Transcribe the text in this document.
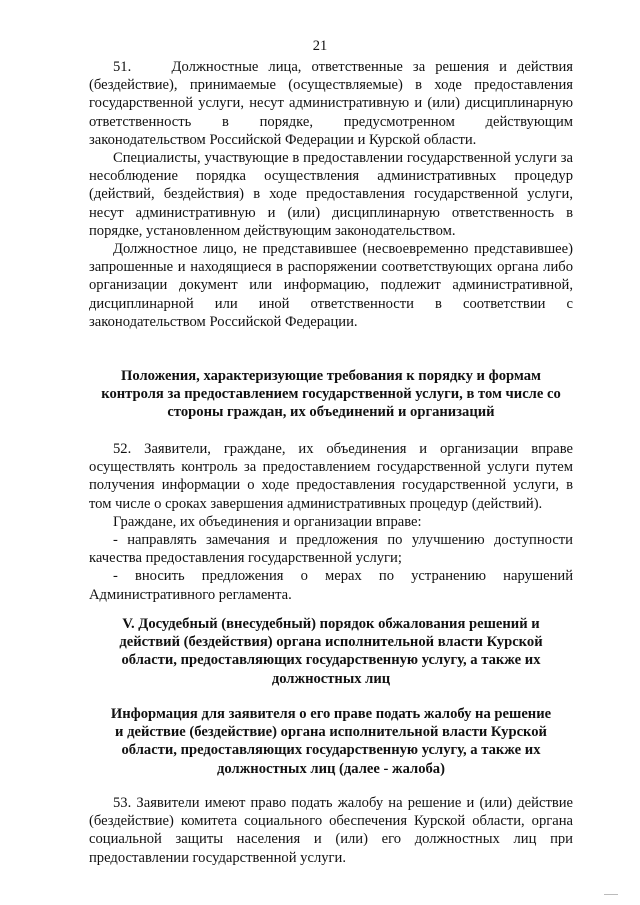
21

51.    Должностные лица, ответственные за решения и действия (бездействие), принимаемые (осуществляемые) в ходе предоставления государственной услуги, несут административную и (или) дисциплинарную ответственность в порядке, предусмотренном действующим законодательством Российской Федерации и Курской области.

Специалисты, участвующие в предоставлении государственной услуги за несоблюдение порядка осуществления административных процедур (действий, бездействия) в ходе предоставления государственной услуги, несут административную и (или) дисциплинарную ответственность в порядке, установленном действующим законодательством.

Должностное лицо, не представившее (несвоевременно представившее) запрошенные и находящиеся в распоряжении соответствующих органа либо организации документ или информацию, подлежит административной, дисциплинарной или иной ответственности в соответствии с законодательством Российской Федерации.

Положения, характеризующие требования к порядку и формам
контроля за предоставлением государственной услуги, в том числе со
стороны граждан, их объединений и организаций

52. Заявители, граждане, их объединения и организации вправе осуществлять контроль за предоставлением государственной услуги путем получения информации о ходе предоставления государственной услуги, в том числе о сроках завершения административных процедур (действий).

Граждане, их объединения и организации вправе:

- направлять замечания и предложения по улучшению доступности качества предоставления государственной услуги;

- вносить предложения о мерах по устранению нарушений Административного регламента.

V. Досудебный (внесудебный) порядок обжалования решений и
действий (бездействия) органа исполнительной власти Курской
области, предоставляющих государственную услугу, а также их
должностных лиц
Информация для заявителя о его праве подать жалобу на решение
и действие (бездействие) органа исполнительной власти Курской
области, предоставляющих государственную услугу, а также их
должностных лиц (далее - жалоба)

53. Заявители имеют право подать жалобу на решение и (или) действие (бездействие) комитета социального обеспечения Курской области, органа социальной защиты населения и (или) его должностных лиц при предоставлении государственной услуги.
